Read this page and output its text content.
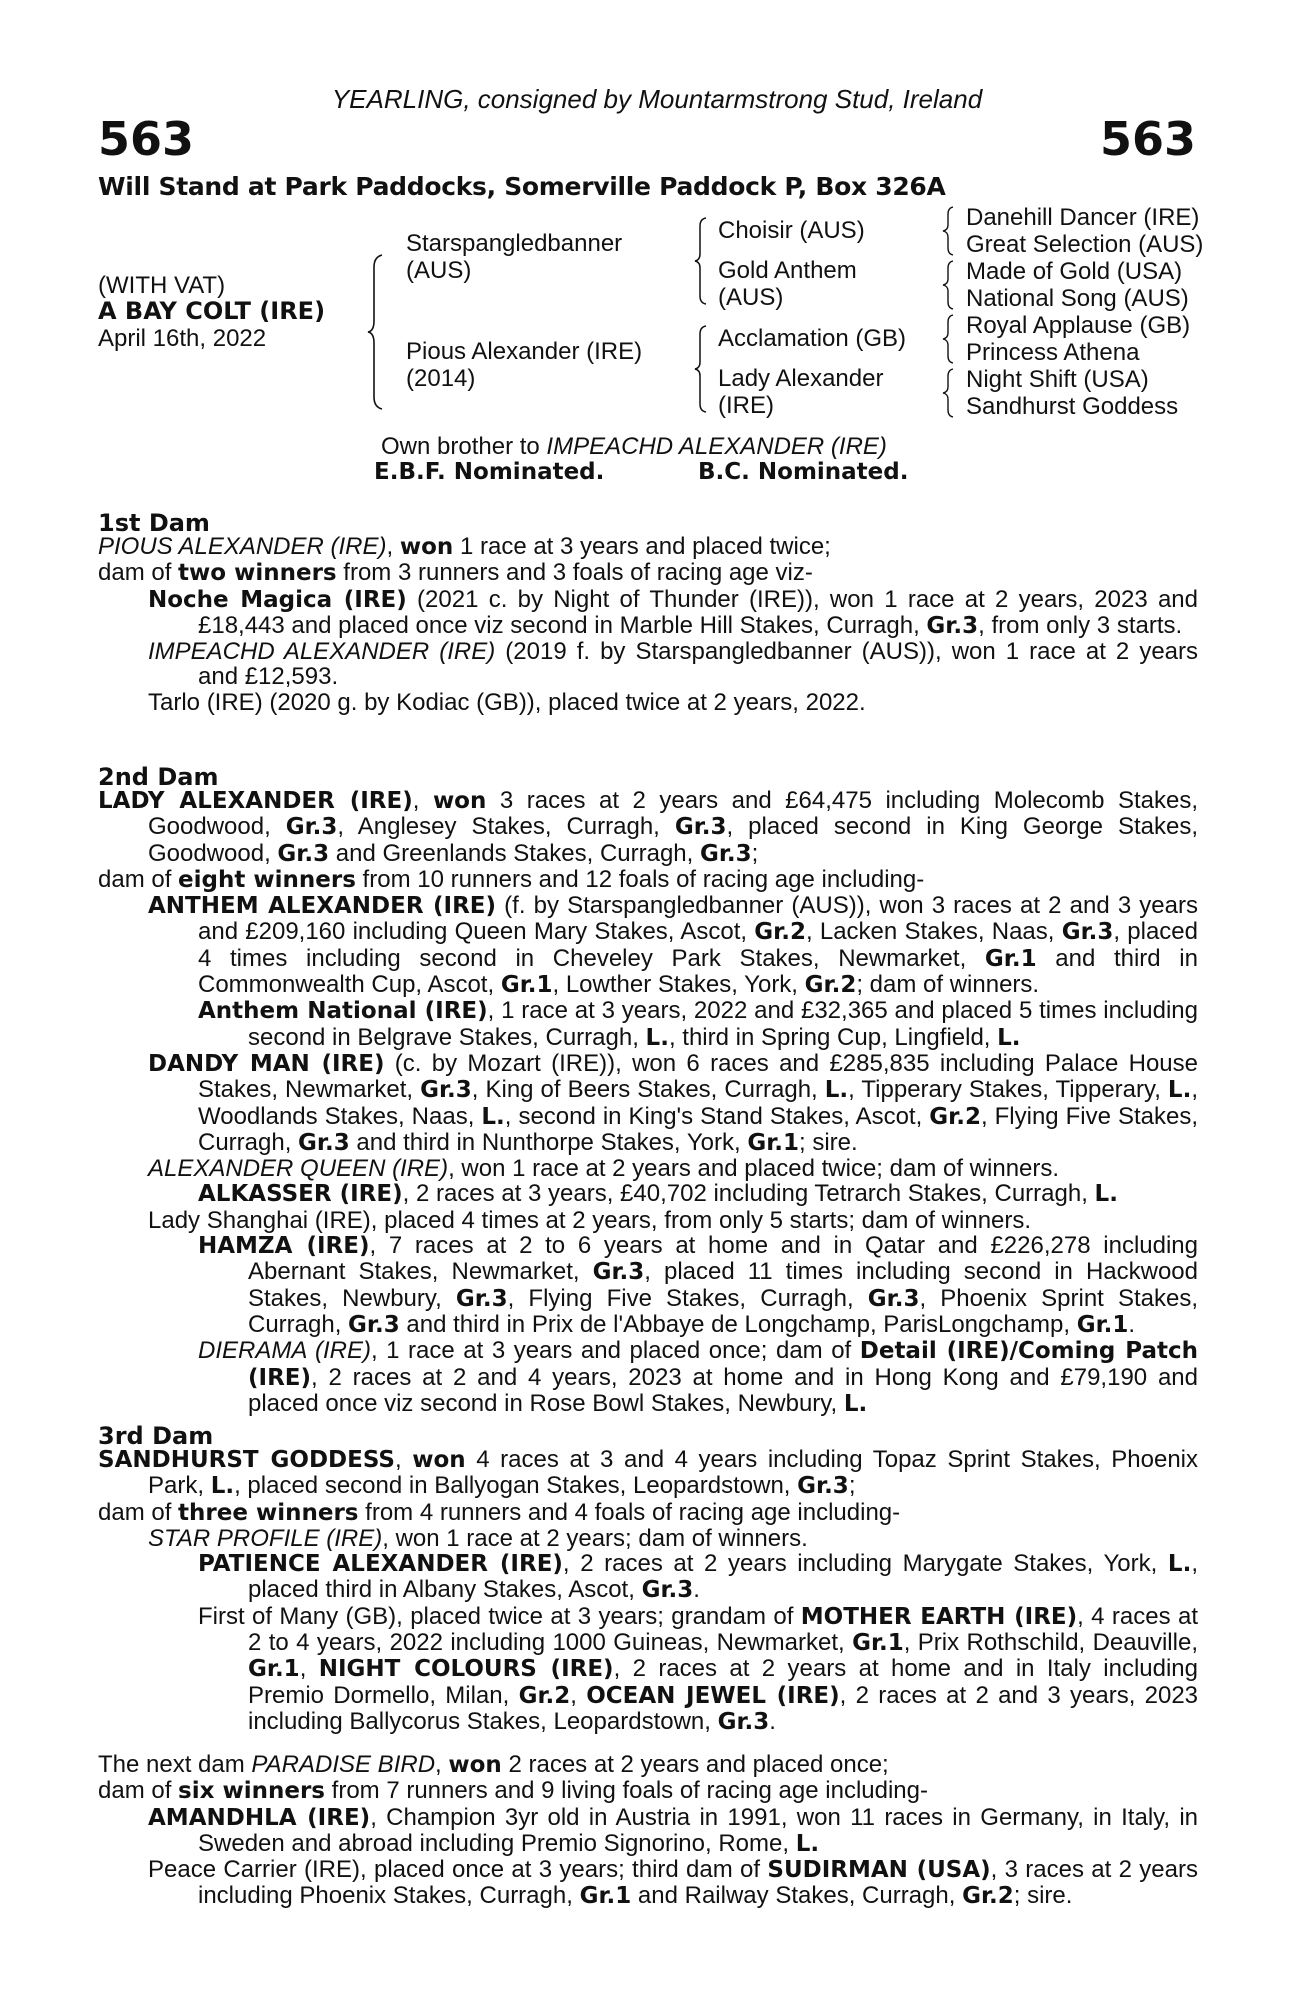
YEARLING, consigned by Mountarmstrong Stud, Ireland
563	563
Will Stand at Park Paddocks, Somerville Paddock P, Box 326A
(WITH VAT)
A BAY COLT (IRE)
April 16th, 2022
Starspangledbanner
(AUS)
Pious Alexander (IRE)
(2014)
Choisir (AUS)
Gold Anthem
(AUS)
Acclamation (GB)
Lady Alexander
(IRE)
Danehill Dancer (IRE)
Great Selection (AUS)
Made of Gold (USA)
National Song (AUS)
Royal Applause (GB)
Princess Athena
Night Shift (USA)
Sandhurst Goddess
Own brother to IMPEACHD ALEXANDER (IRE)
E.B.F. Nominated.	B.C. Nominated.
1st Dam

PIOUS ALEXANDER (IRE), won 1 race at 3 years and placed twice;

dam of two winners from 3 runners and 3 foals of racing age viz-

Noche Magica (IRE) (2021 c. by Night of Thunder (IRE)), won 1 race at 2 years, 2023 and £18,443 and placed once viz second in Marble Hill Stakes, Curragh, Gr.3, from only 3 starts.

IMPEACHD ALEXANDER (IRE) (2019 f. by Starspangledbanner (AUS)), won 1 race at 2 years and £12,593.

Tarlo (IRE) (2020 g. by Kodiac (GB)), placed twice at 2 years, 2022.

2nd Dam

LADY ALEXANDER (IRE), won 3 races at 2 years and £64,475 including Molecomb Stakes, Goodwood, Gr.3, Anglesey Stakes, Curragh, Gr.3, placed second in King George Stakes, Goodwood, Gr.3 and Greenlands Stakes, Curragh, Gr.3;

dam of eight winners from 10 runners and 12 foals of racing age including-

ANTHEM ALEXANDER (IRE) (f. by Starspangledbanner (AUS)), won 3 races at 2 and 3 years and £209,160 including Queen Mary Stakes, Ascot, Gr.2, Lacken Stakes, Naas, Gr.3, placed 4 times including second in Cheveley Park Stakes, Newmarket, Gr.1 and third in Commonwealth Cup, Ascot, Gr.1, Lowther Stakes, York, Gr.2; dam of winners.

Anthem National (IRE), 1 race at 3 years, 2022 and £32,365 and placed 5 times including second in Belgrave Stakes, Curragh, L., third in Spring Cup, Lingfield, L.

DANDY MAN (IRE) (c. by Mozart (IRE)), won 6 races and £285,835 including Palace House Stakes, Newmarket, Gr.3, King of Beers Stakes, Curragh, L., Tipperary Stakes, Tipperary, L., Woodlands Stakes, Naas, L., second in King's Stand Stakes, Ascot, Gr.2, Flying Five Stakes, Curragh, Gr.3 and third in Nunthorpe Stakes, York, Gr.1; sire.

ALEXANDER QUEEN (IRE), won 1 race at 2 years and placed twice; dam of winners.

ALKASSER (IRE), 2 races at 3 years, £40,702 including Tetrarch Stakes, Curragh, L.

Lady Shanghai (IRE), placed 4 times at 2 years, from only 5 starts; dam of winners.

HAMZA (IRE), 7 races at 2 to 6 years at home and in Qatar and £226,278 including Abernant Stakes, Newmarket, Gr.3, placed 11 times including second in Hackwood Stakes, Newbury, Gr.3, Flying Five Stakes, Curragh, Gr.3, Phoenix Sprint Stakes, Curragh, Gr.3 and third in Prix de l'Abbaye de Longchamp, ParisLongchamp, Gr.1.

DIERAMA (IRE), 1 race at 3 years and placed once; dam of Detail (IRE)/Coming Patch (IRE), 2 races at 2 and 4 years, 2023 at home and in Hong Kong and £79,190 and placed once viz second in Rose Bowl Stakes, Newbury, L.

3rd Dam

SANDHURST GODDESS, won 4 races at 3 and 4 years including Topaz Sprint Stakes, Phoenix Park, L., placed second in Ballyogan Stakes, Leopardstown, Gr.3;

dam of three winners from 4 runners and 4 foals of racing age including-

STAR PROFILE (IRE), won 1 race at 2 years; dam of winners.

PATIENCE ALEXANDER (IRE), 2 races at 2 years including Marygate Stakes, York, L., placed third in Albany Stakes, Ascot, Gr.3.

First of Many (GB), placed twice at 3 years; grandam of MOTHER EARTH (IRE), 4 races at 2 to 4 years, 2022 including 1000 Guineas, Newmarket, Gr.1, Prix Rothschild, Deauville, Gr.1, NIGHT COLOURS (IRE), 2 races at 2 years at home and in Italy including Premio Dormello, Milan, Gr.2, OCEAN JEWEL (IRE), 2 races at 2 and 3 years, 2023 including Ballycorus Stakes, Leopardstown, Gr.3.

The next dam PARADISE BIRD, won 2 races at 2 years and placed once;

dam of six winners from 7 runners and 9 living foals of racing age including-

AMANDHLA (IRE), Champion 3yr old in Austria in 1991, won 11 races in Germany, in Italy, in Sweden and abroad including Premio Signorino, Rome, L.

Peace Carrier (IRE), placed once at 3 years; third dam of SUDIRMAN (USA), 3 races at 2 years including Phoenix Stakes, Curragh, Gr.1 and Railway Stakes, Curragh, Gr.2; sire.
